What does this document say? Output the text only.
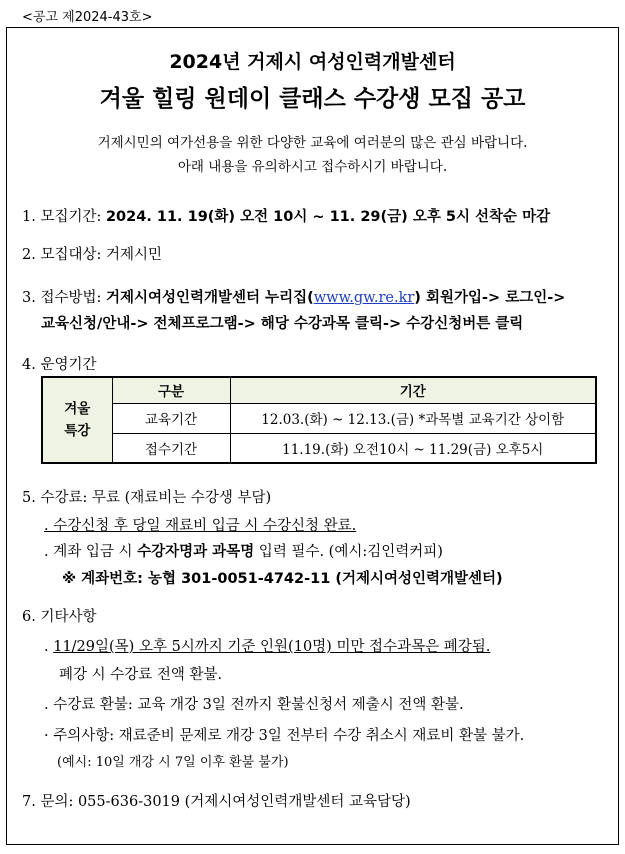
<공고 제2024-43호>
2024년 거제시 여성인력개발센터
겨울 힐링 원데이 클래스 수강생 모집 공고
거제시민의 여가선용을 위한 다양한 교육에 여러분의 많은 관심 바랍니다.
아래 내용을 유의하시고 접수하시기 바랍니다.
1. 모집기간: 2024. 11. 19(화) 오전 10시 ~ 11. 29(금) 오후 5시 선착순 마감
2. 모집대상: 거제시민
3. 접수방법: 거제시여성인력개발센터 누리집(www.gw.re.kr) 회원가입-> 로그인->
교육신청/안내-> 전체프로그램-> 해당 수강과목 클릭-> 수강신청버튼 클릭
4. 운영기간
겨울
특강	구분	기간
	교육기간	12.03.(화) ~ 12.13.(금) *과목별 교육기간 상이함
	접수기간	11.19.(화) 오전10시 ~ 11.29(금) 오후5시
5. 수강료: 무료 (재료비는 수강생 부담)
. 수강신청 후 당일 재료비 입금 시 수강신청 완료.
. 계좌 입금 시 수강자명과 과목명 입력 필수. (예시:김인력커피)
※ 계좌번호: 농협 301-0051-4742-11 (거제시여성인력개발센터)
6. 기타사항
. 11/29일(목) 오후 5시까지 기준 인원(10명) 미만 접수과목은 폐강됨.
폐강 시 수강료 전액 환불.
. 수강료 환불: 교육 개강 3일 전까지 환불신청서 제출시 전액 환불.
· 주의사항: 재료준비 문제로 개강 3일 전부터 수강 취소시 재료비 환불 불가.
(예시: 10일 개강 시 7일 이후 환불 불가)
7. 문의: 055-636-3019 (거제시여성인력개발센터 교육담당)
